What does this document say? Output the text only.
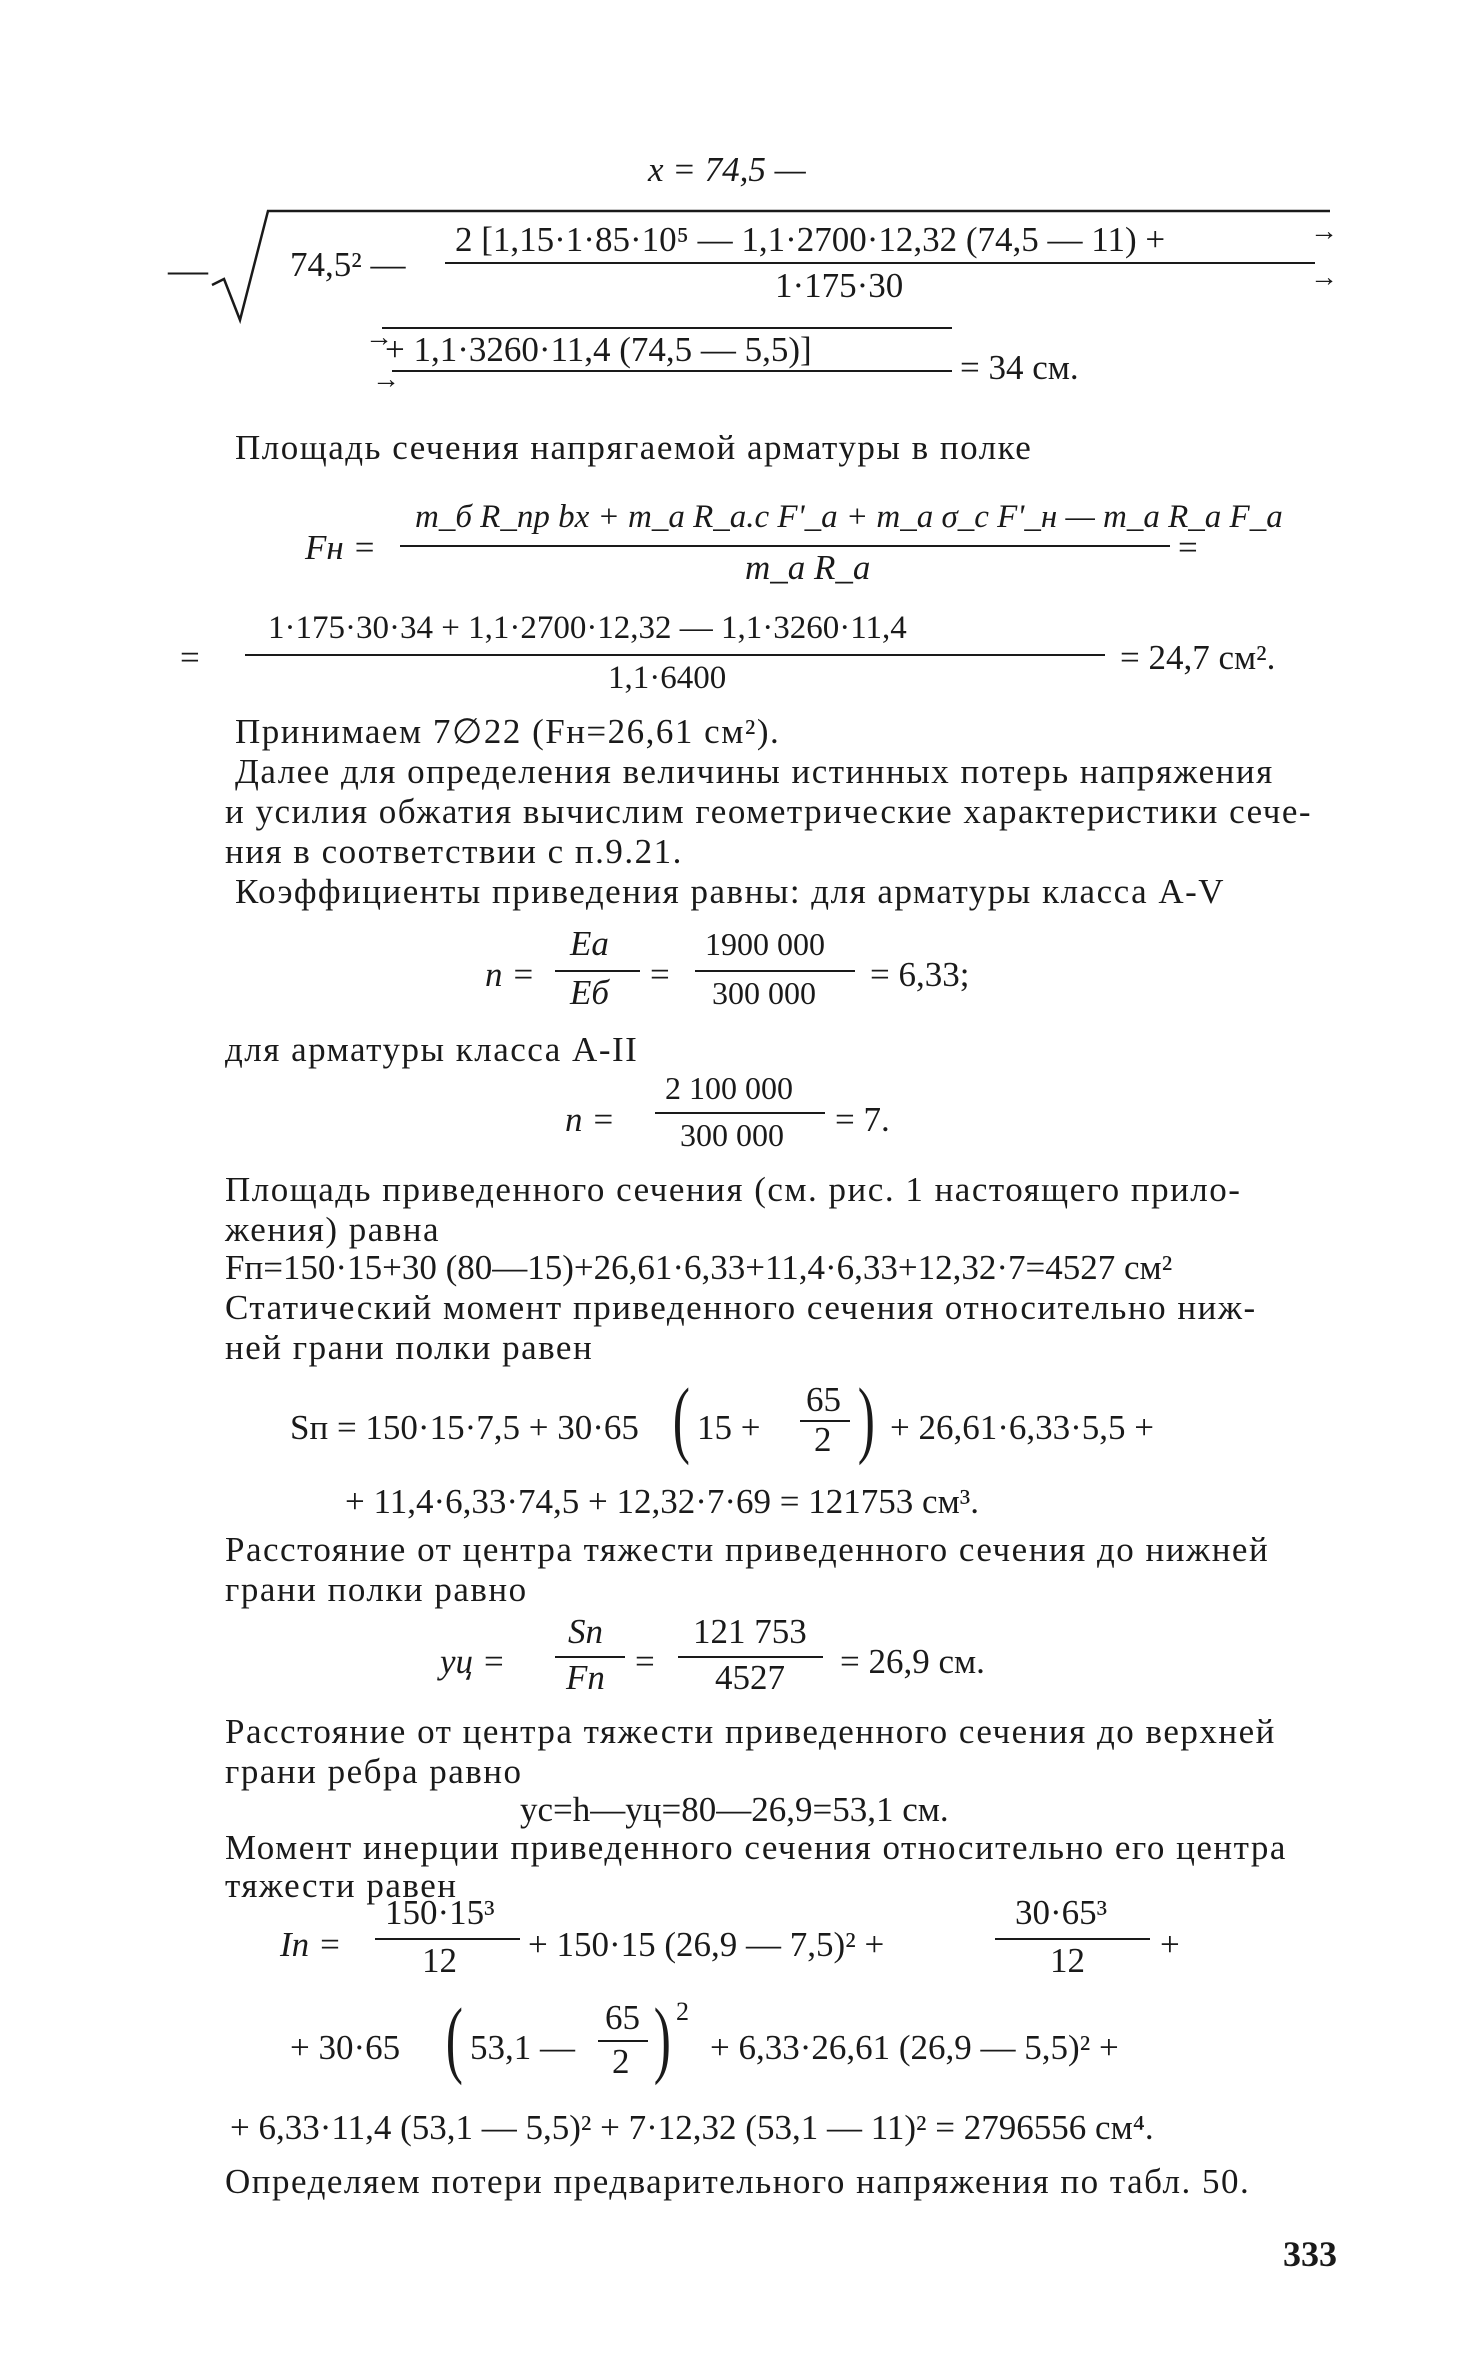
x = 74,5 —
— 74,5² —
2 [1,15·1·85·10⁵ — 1,1·2700·12,32 (74,5 — 11) +	→
1·175·30	→
→
+ 1,1·3260·11,4 (74,5 — 5,5)]
→	= 34 см.
Площадь сечения напрягаемой арматуры в полке
Fн =
m_б R_пр bx + m_а R_а.с F'_а + m_а σ_с F'_н — m_а R_а F_а
m_а R_а
=
=
1·175·30·34 + 1,1·2700·12,32 — 1,1·3260·11,4
1,1·6400
= 24,7 см².
Принимаем 7∅22 (Fн=26,61 см²).
Далее для определения величины истинных потерь напряжения
и усилия обжатия вычислим геометрические характеристики сече-
ния в соответствии с п.9.21.
Коэффициенты приведения равны: для арматуры класса А-V
n =
Eа
Eб =
1900 000
300 000 = 6,33;
для арматуры класса А-II
n =
2 100 000
300 000 = 7.
Площадь приведенного сечения (см. рис. 1 настоящего прило-
жения) равна
Fп=150·15+30 (80—15)+26,61·6,33+11,4·6,33+12,32·7=4527 см²
Статический момент приведенного сечения относительно ниж-
ней грани полки равен
Sп = 150·15·7,5 + 30·65 ( 15 +
65
2 ) + 26,61·6,33·5,5 +
+ 11,4·6,33·74,5 + 12,32·7·69 = 121753 см³.
Расстояние от центра тяжести приведенного сечения до нижней
грани полки равно
yц =
Sп
Fп =
121 753
4527 = 26,9 см.
Расстояние от центра тяжести приведенного сечения до верхней
грани ребра равно
yс=h—yц=80—26,9=53,1 см.
Момент инерции приведенного сечения относительно его центра
тяжести равен
Iп =
150·15³
12 + 150·15 (26,9 — 7,5)² +
30·65³
12 +
+ 30·65 ( 53,1 —
65
2 ) 2
+ 6,33·26,61 (26,9 — 5,5)² +
+ 6,33·11,4 (53,1 — 5,5)² + 7·12,32 (53,1 — 11)² = 2796556 см⁴.
Определяем потери предварительного напряжения по табл. 50.
333
